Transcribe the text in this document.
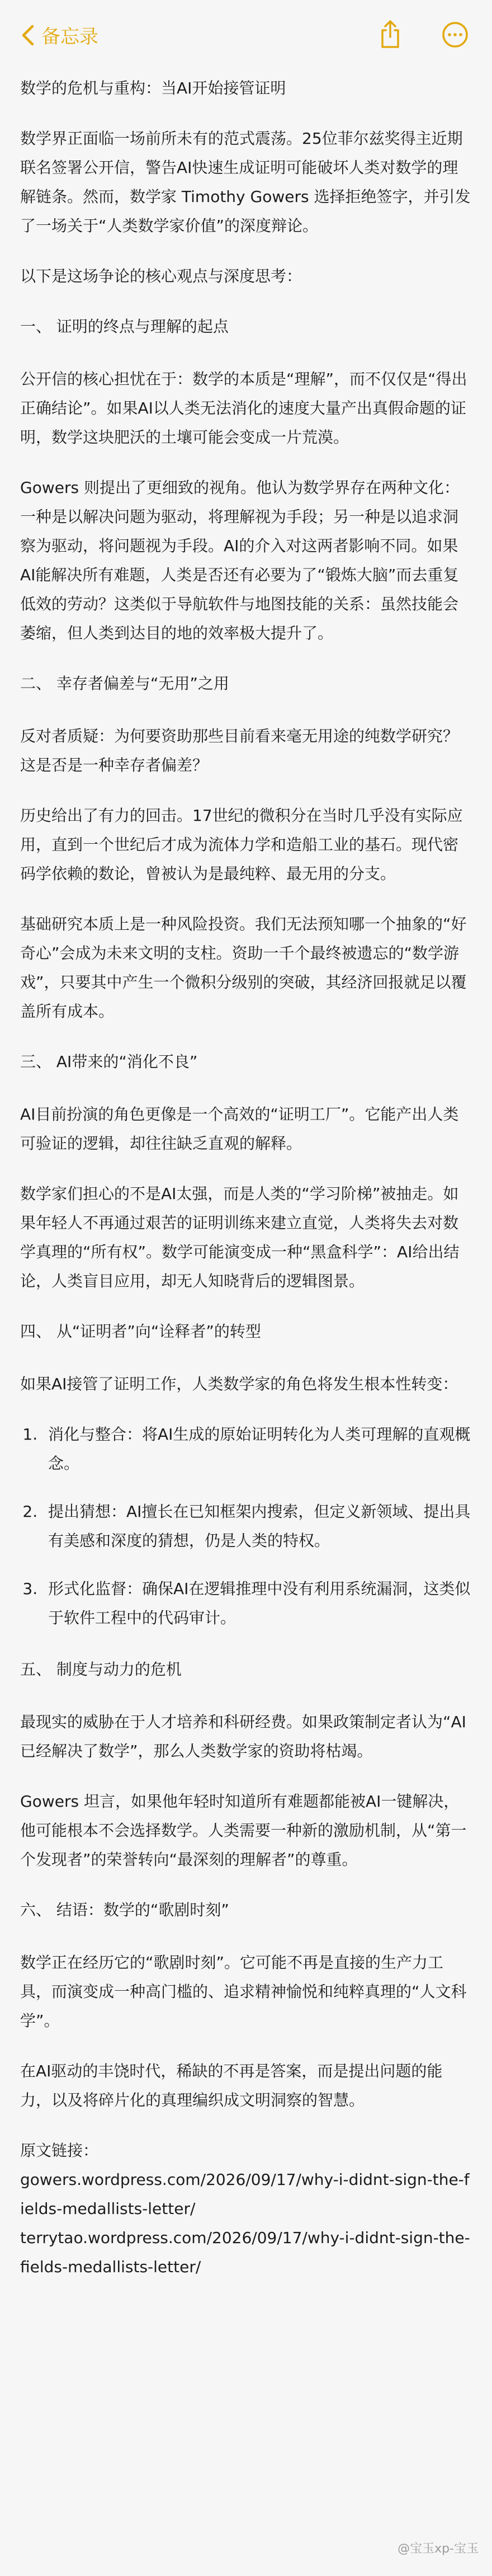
备忘录

数学的危机与重构：当AI开始接管证明

数学界正面临一场前所未有的范式震荡。25位菲尔兹奖得主近期联名签署公开信，警告AI快速生成证明可能破坏人类对数学的理解链条。然而，数学家 Timothy Gowers 选择拒绝签字，并引发了一场关于“人类数学家价值”的深度辩论。

以下是这场争论的核心观点与深度思考：

一、 证明的终点与理解的起点

公开信的核心担忧在于：数学的本质是“理解”，而不仅仅是“得出正确结论”。如果AI以人类无法消化的速度大量产出真假命题的证明，数学这块肥沃的土壤可能会变成一片荒漠。

Gowers 则提出了更细致的视角。他认为数学界存在两种文化：一种是以解决问题为驱动，将理解视为手段；另一种是以追求洞察为驱动，将问题视为手段。AI的介入对这两者影响不同。如果AI能解决所有难题，人类是否还有必要为了“锻炼大脑”而去重复低效的劳动？这类似于导航软件与地图技能的关系：虽然技能会萎缩，但人类到达目的地的效率极大提升了。

二、 幸存者偏差与“无用”之用

反对者质疑：为何要资助那些目前看来毫无用途的纯数学研究？这是否是一种幸存者偏差？

历史给出了有力的回击。17世纪的微积分在当时几乎没有实际应用，直到一个世纪后才成为流体力学和造船工业的基石。现代密码学依赖的数论，曾被认为是最纯粹、最无用的分支。

基础研究本质上是一种风险投资。我们无法预知哪一个抽象的“好奇心”会成为未来文明的支柱。资助一千个最终被遗忘的“数学游戏”，只要其中产生一个微积分级别的突破，其经济回报就足以覆盖所有成本。

三、 AI带来的“消化不良”

AI目前扮演的角色更像是一个高效的“证明工厂”。它能产出人类可验证的逻辑，却往往缺乏直观的解释。

数学家们担心的不是AI太强，而是人类的“学习阶梯”被抽走。如果年轻人不再通过艰苦的证明训练来建立直觉，人类将失去对数学真理的“所有权”。数学可能演变成一种“黑盒科学”：AI给出结论，人类盲目应用，却无人知晓背后的逻辑图景。

四、 从“证明者”向“诠释者”的转型

如果AI接管了证明工作，人类数学家的角色将发生根本性转变：

1. 消化与整合：将AI生成的原始证明转化为人类可理解的直观概念。
2. 提出猜想：AI擅长在已知框架内搜索，但定义新领域、提出具有美感和深度的猜想，仍是人类的特权。
3. 形式化监督：确保AI在逻辑推理中没有利用系统漏洞，这类似于软件工程中的代码审计。
五、 制度与动力的危机

最现实的威胁在于人才培养和科研经费。如果政策制定者认为“AI已经解决了数学”，那么人类数学家的资助将枯竭。

Gowers 坦言，如果他年轻时知道所有难题都能被AI一键解决，他可能根本不会选择数学。人类需要一种新的激励机制，从“第一个发现者”的荣誉转向“最深刻的理解者”的尊重。

六、 结语：数学的“歌剧时刻”

数学正在经历它的“歌剧时刻”。它可能不再是直接的生产力工具，而演变成一种高门槛的、追求精神愉悦和纯粹真理的“人文科学”。

在AI驱动的丰饶时代，稀缺的不再是答案，而是提出问题的能力，以及将碎片化的真理编织成文明洞察的智慧。

原文链接：
gowers.wordpress.com/2026/09/17/why-i-didnt-sign-the-fields-medallists-letter/
terrytao.wordpress.com/2026/09/17/why-i-didnt-sign-the-fields-medallists-letter/
@宝玉xp-宝玉
